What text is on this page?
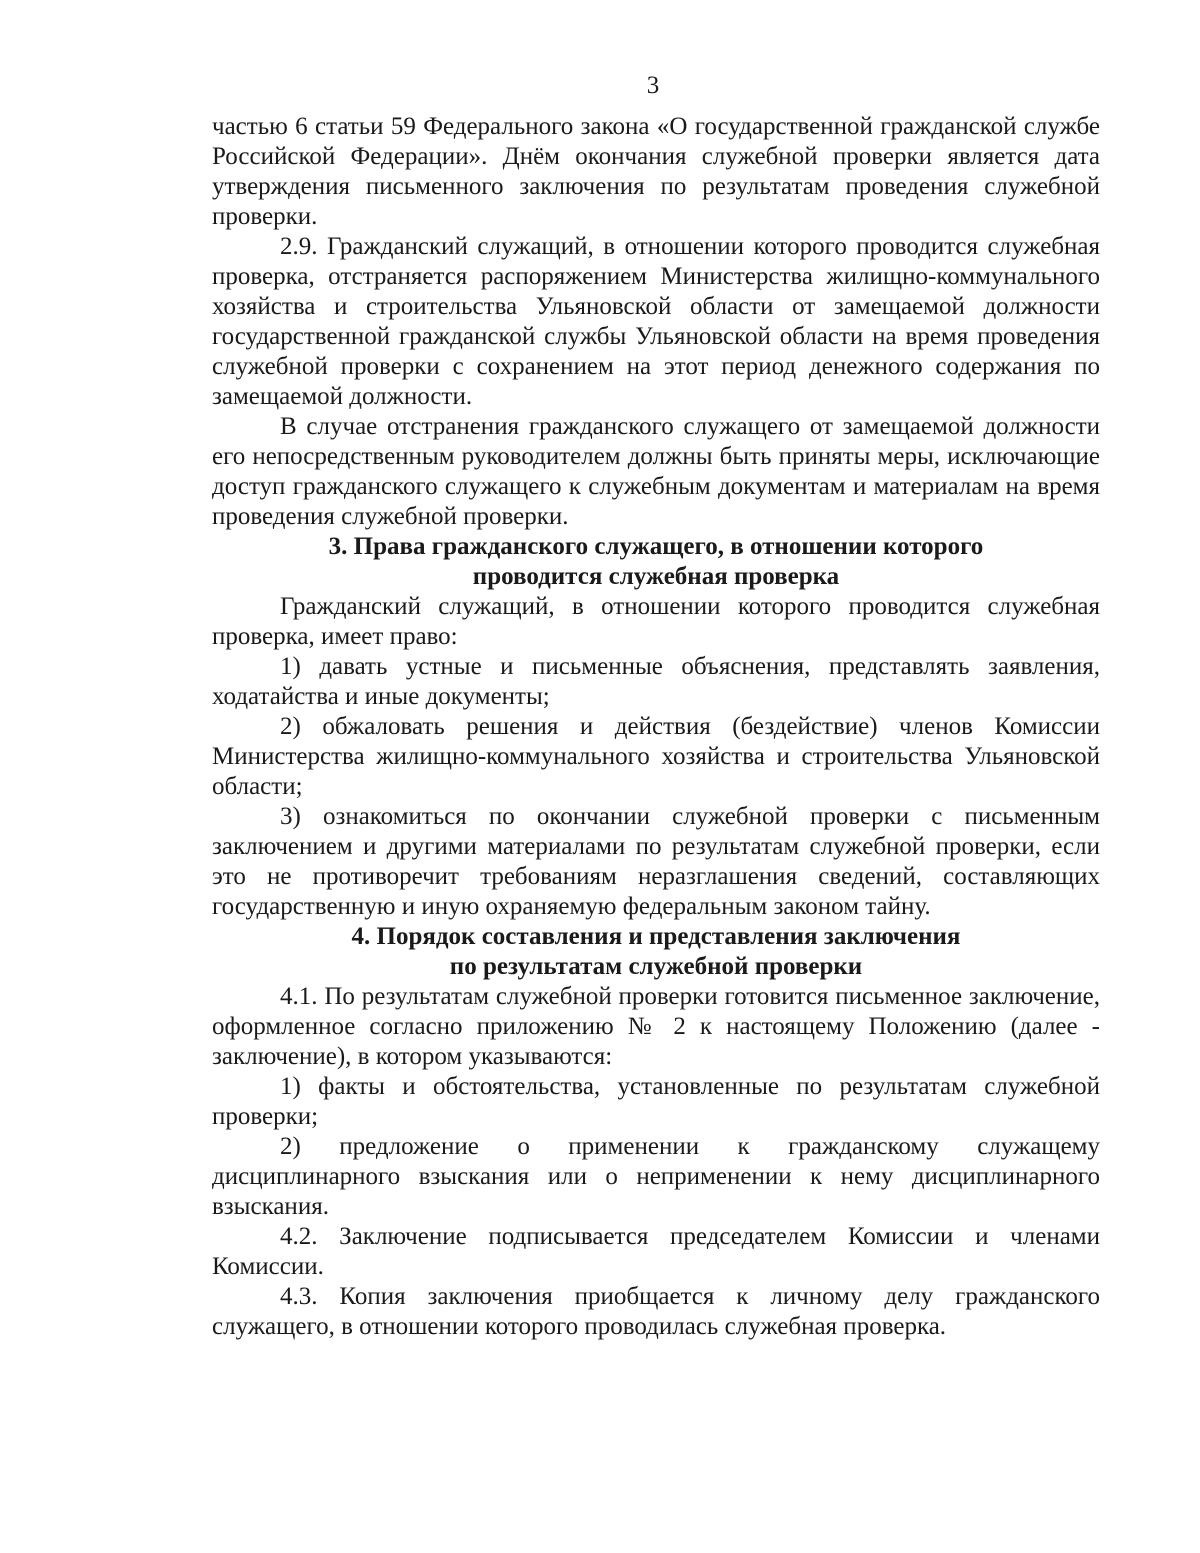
3

частью 6 статьи 59 Федерального закона «О государственной гражданской службе Российской Федерации». Днём окончания служебной проверки является дата утверждения письменного заключения по результатам проведения служебной проверки.

2.9. Гражданский служащий, в отношении которого проводится служебная проверка, отстраняется распоряжением Министерства жилищно-коммунального хозяйства и строительства Ульяновской области от замещаемой должности государственной гражданской службы Ульяновской области на время проведения служебной проверки с сохранением на этот период денежного содержания по замещаемой должности.

В случае отстранения гражданского служащего от замещаемой должности его непосредственным руководителем должны быть приняты меры, исключающие доступ гражданского служащего к служебным документам и материалам на время проведения служебной проверки.

3. Права гражданского служащего, в отношении которого
проводится служебная проверка

Гражданский служащий, в отношении которого проводится служебная проверка, имеет право:

1) давать устные и письменные объяснения, представлять заявления, ходатайства и иные документы;

2) обжаловать решения и действия (бездействие) членов Комиссии Министерства жилищно-коммунального хозяйства и строительства Ульяновской области;

3) ознакомиться по окончании служебной проверки с письменным заключением и другими материалами по результатам служебной проверки, если это не противоречит требованиям неразглашения сведений, составляющих государственную и иную охраняемую федеральным законом тайну.

4. Порядок составления и представления заключения
по результатам служебной проверки

4.1. По результатам служебной проверки готовится письменное заключение, оформленное согласно приложению № 2 к настоящему Положению (далее - заключение), в котором указываются:

1) факты и обстоятельства, установленные по результатам служебной проверки;

2) предложение о применении к гражданскому служащему дисциплинарного взыскания или о неприменении к нему дисциплинарного взыскания.

4.2. Заключение подписывается председателем Комиссии и членами Комиссии.

4.3. Копия заключения приобщается к личному делу гражданского служащего, в отношении которого проводилась служебная проверка.
